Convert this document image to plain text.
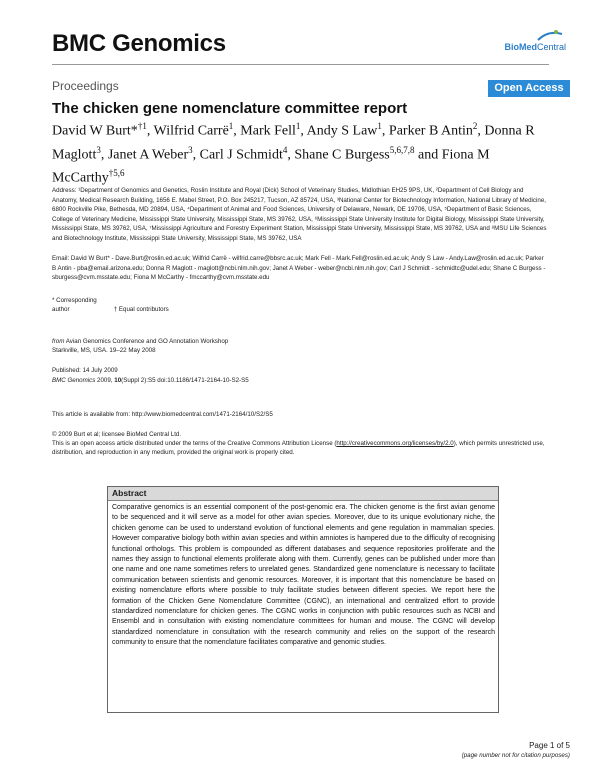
BMC Genomics	BioMedCentral
Proceedings	Open Access
The chicken gene nomenclature committee report
David W Burt*$^{\dagger 1}$, Wilfrid Carrë$^1$, Mark Fell$^1$, Andy S Law$^1$, Parker B Antin$^2$, Donna R Maglott$^3$, Janet A Weber$^3$, Carl J Schmidt$^4$, Shane C Burgess$^{5,6,7,8}$ and Fiona M McCarthy$^{\dagger 5,6}$
Address: ¹Department of Genomics and Genetics, Roslin Institute and Royal (Dick) School of Veterinary Studies, Midlothian EH25 9PS, UK, ²Department of Cell Biology and Anatomy, Medical Research Building, 1656 E. Mabel Street, P.O. Box 245217, Tucson, AZ 85724, USA, ³National Center for Biotechnology Information, National Library of Medicine, 6800 Rockville Pike, Bethesda, MD 20894, USA, ⁴Department of Animal and Food Sciences, University of Delaware, Newark, DE 19706, USA, ⁵Department of Basic Sciences, College of Veterinary Medicine, Mississippi State University, Mississippi State, MS 39762, USA, ⁶Mississippi State University Institute for Digital Biology, Mississippi State University, Mississippi State, MS 39762, USA, ⁷Mississippi Agriculture and Forestry Experiment Station, Mississippi State University, Mississippi State, MS 39762, USA and ⁸MSU Life Sciences and Biotechnology Institute, Mississippi State University, Mississippi State, MS 39762, USA
Email: David W Burt* - Dave.Burt@roslin.ed.ac.uk; Wilfrid Carrë - wilfrid.carre@bbsrc.ac.uk; Mark Fell - Mark.Fell@roslin.ed.ac.uk; Andy S Law - Andy.Law@roslin.ed.ac.uk; Parker B Antin - pba@email.arizona.edu; Donna R Maglott - maglott@ncbi.nlm.nih.gov; Janet A Weber - weber@ncbi.nlm.nih.gov; Carl J Schmidt - schmidtc@udel.edu; Shane C Burgess - sburgess@cvm.msstate.edu; Fiona M McCarthy - fmccarthy@cvm.msstate.edu
* Corresponding author	† Equal contributors
from Avian Genomics Conference and GO Annotation Workshop
Starkville, MS, USA. 19–22 May 2008
Published: 14 July 2009
BMC Genomics 2009, 10(Suppl 2):S5 doi:10.1186/1471-2164-10-S2-S5
This article is available from: http://www.biomedcentral.com/1471-2164/10/S2/S5
© 2009 Burt et al; licensee BioMed Central Ltd.
This is an open access article distributed under the terms of the Creative Commons Attribution License (http://creativecommons.org/licenses/by/2.0), which permits unrestricted use, distribution, and reproduction in any medium, provided the original work is properly cited.
Abstract
Comparative genomics is an essential component of the post-genomic era. The chicken genome is the first avian genome to be sequenced and it will serve as a model for other avian species. Moreover, due to its unique evolutionary niche, the chicken genome can be used to understand evolution of functional elements and gene regulation in mammalian species. However comparative biology both within avian species and within amniotes is hampered due to the difficulty of recognising functional orthologs. This problem is compounded as different databases and sequence repositories proliferate and the names they assign to functional elements proliferate along with them. Currently, genes can be published under more than one name and one name sometimes refers to unrelated genes. Standardized gene nomenclature is necessary to facilitate communication between scientists and genomic resources. Moreover, it is important that this nomenclature be based on existing nomenclature efforts where possible to truly facilitate studies between different species. We report here the formation of the Chicken Gene Nomenclature Committee (CGNC), an international and centralized effort to provide standardized nomenclature for chicken genes. The CGNC works in conjunction with public resources such as NCBI and Ensembl and in consultation with existing nomenclature committees for human and mouse. The CGNC will develop standardized nomenclature in consultation with the research community and relies on the support of the research community to ensure that the nomenclature facilitates comparative and genomic studies.
Page 1 of 5
(page number not for citation purposes)
